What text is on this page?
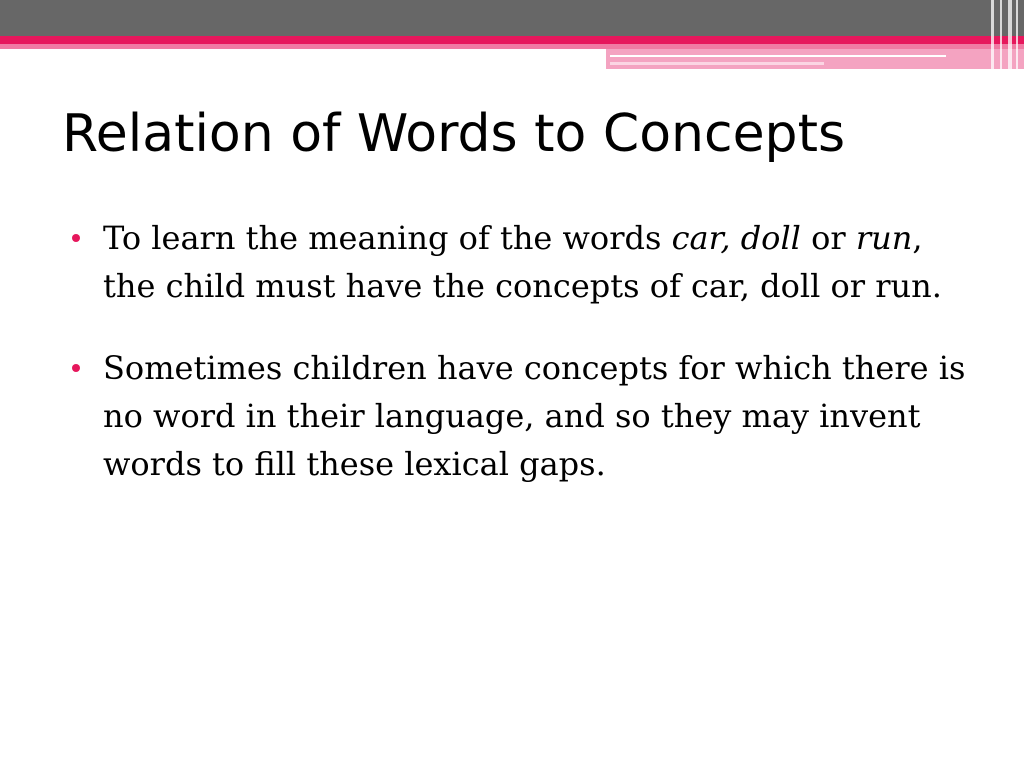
Relation of Words to Concepts
To learn the meaning of the words car, doll or run, the child must have the concepts of car, doll or run.
Sometimes children have concepts for which there is no word in their language, and so they may invent words to fill these lexical gaps.
